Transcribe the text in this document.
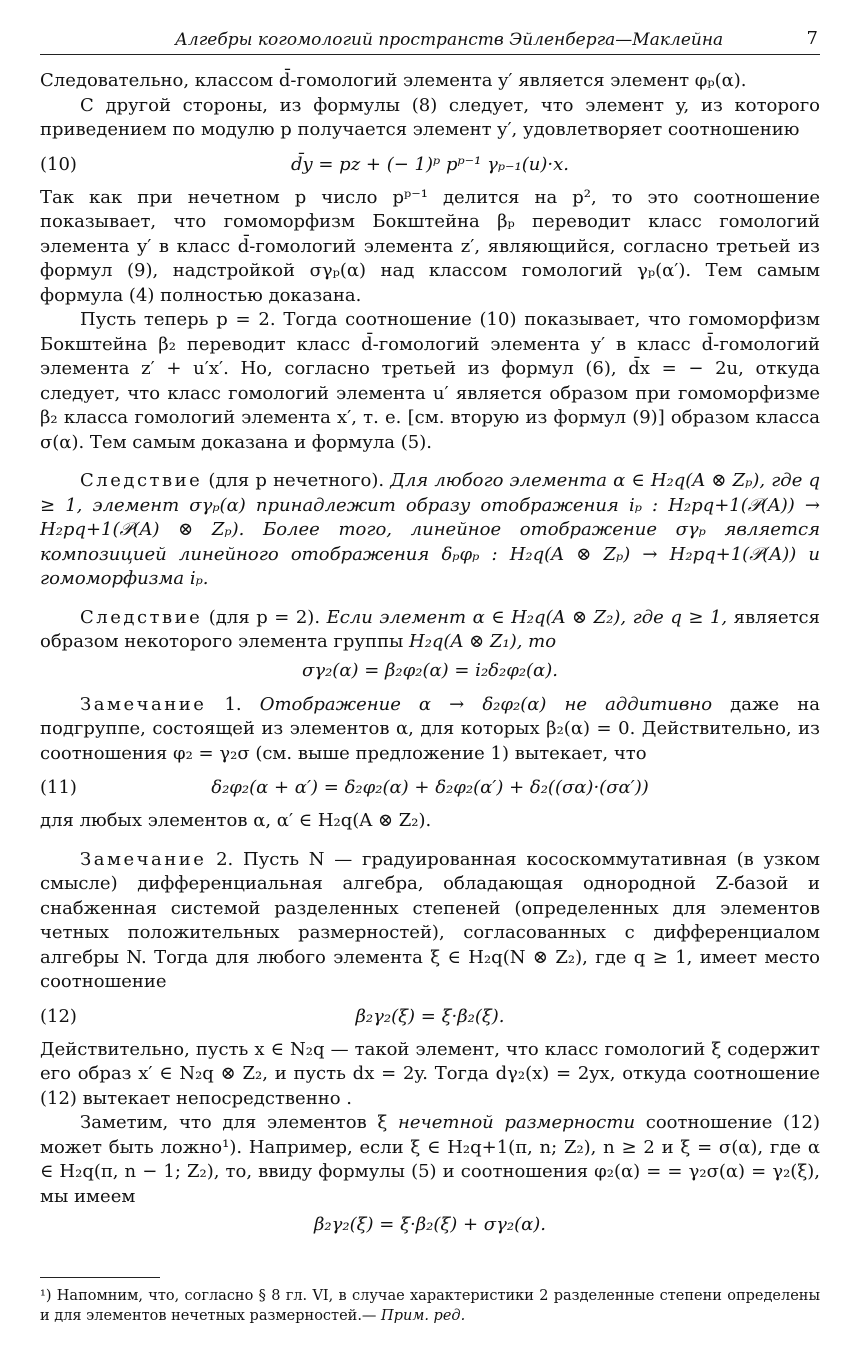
Алгебры когомологий пространств Эйленберга—Маклейна	7

Следовательно, классом d̄-гомологий элемента y′ является элемент φₚ(α).

С другой стороны, из формулы (8) следует, что элемент y, из которого приведением по модулю p получается элемент y′, удовлетворяет соотношению

(10)	d̄y = pz + (− 1)ᵖ pᵖ⁻¹ γₚ₋₁(u)·x.

Так как при нечетном p число pᵖ⁻¹ делится на p², то это соотношение показывает, что гомоморфизм Бокштейна βₚ переводит класс гомологий элемента y′ в класс d̄-гомологий элемента z′, являющийся, согласно третьей из формул (9), надстройкой σγₚ(α) над классом гомологий γₚ(α′). Тем самым формула (4) полностью доказана.

Пусть теперь p = 2. Тогда соотношение (10) показывает, что гомоморфизм Бокштейна β₂ переводит класс d̄-гомологий элемента y′ в класс d̄-гомологий элемента z′ + u′x′. Но, согласно третьей из формул (6), d̄x = − 2u, откуда следует, что класс гомологий элемента u′ является образом при гомоморфизме β₂ класса гомологий элемента x′, т. е. [см. вторую из формул (9)] образом класса σ(α). Тем самым доказана и формула (5).

Следствие (для p нечетного). Для любого элемента α ∈ H₂q(A ⊗ Zₚ), где q ≥ 1, элемент σγₚ(α) принадлежит образу отображения iₚ : H₂pq+1(𝒫(A)) → H₂pq+1(𝒫(A) ⊗ Zₚ). Более того, линейное отображение σγₚ является композицией линейного отображения δₚφₚ : H₂q(A ⊗ Zₚ) → H₂pq+1(𝒫(A)) и гомоморфизма iₚ.

Следствие (для p = 2). Если элемент α ∈ H₂q(A ⊗ Z₂), где q ≥ 1, является образом некоторого элемента группы H₂q(A ⊗ Z₁), то

σγ₂(α) = β₂φ₂(α) = i₂δ₂φ₂(α).

Замечание 1. Отображение α → δ₂φ₂(α) не аддитивно даже на подгруппе, состоящей из элементов α, для которых β₂(α) = 0. Действительно, из соотношения φ₂ = γ₂σ (см. выше предложение 1) вытекает, что

(11)	δ₂φ₂(α + α′) = δ₂φ₂(α) + δ₂φ₂(α′) + δ₂((σα)·(σα′))

для любых элементов α, α′ ∈ H₂q(A ⊗ Z₂).

Замечание 2. Пусть N — градуированная кососкоммутативная (в узком смысле) дифференциальная алгебра, обладающая однородной Z-базой и снабженная системой разделенных степеней (определенных для элементов четных положительных размерностей), согласованных с дифференциалом алгебры N. Тогда для любого элемента ξ ∈ H₂q(N ⊗ Z₂), где q ≥ 1, имеет место соотношение

(12)	β₂γ₂(ξ) = ξ·β₂(ξ).

Действительно, пусть x ∈ N₂q — такой элемент, что класс гомологий ξ содержит его образ x′ ∈ N₂q ⊗ Z₂, и пусть dx = 2y. Тогда dγ₂(x) = 2yx, откуда соотношение (12) вытекает непосредственно .

Заметим, что для элементов ξ нечетной размерности соотношение (12) может быть ложно¹). Например, если ξ ∈ H₂q+1(π, n; Z₂), n ≥ 2 и ξ = σ(α), где α ∈ H₂q(π, n − 1; Z₂), то, ввиду формулы (5) и соотношения φ₂(α) = = γ₂σ(α) = γ₂(ξ), мы имеем

β₂γ₂(ξ) = ξ·β₂(ξ) + σγ₂(α).

¹) Напомним, что, согласно § 8 гл. VI, в случае характеристики 2 разделенные степени определены и для элементов нечетных размерностей.— Прим. ред.
